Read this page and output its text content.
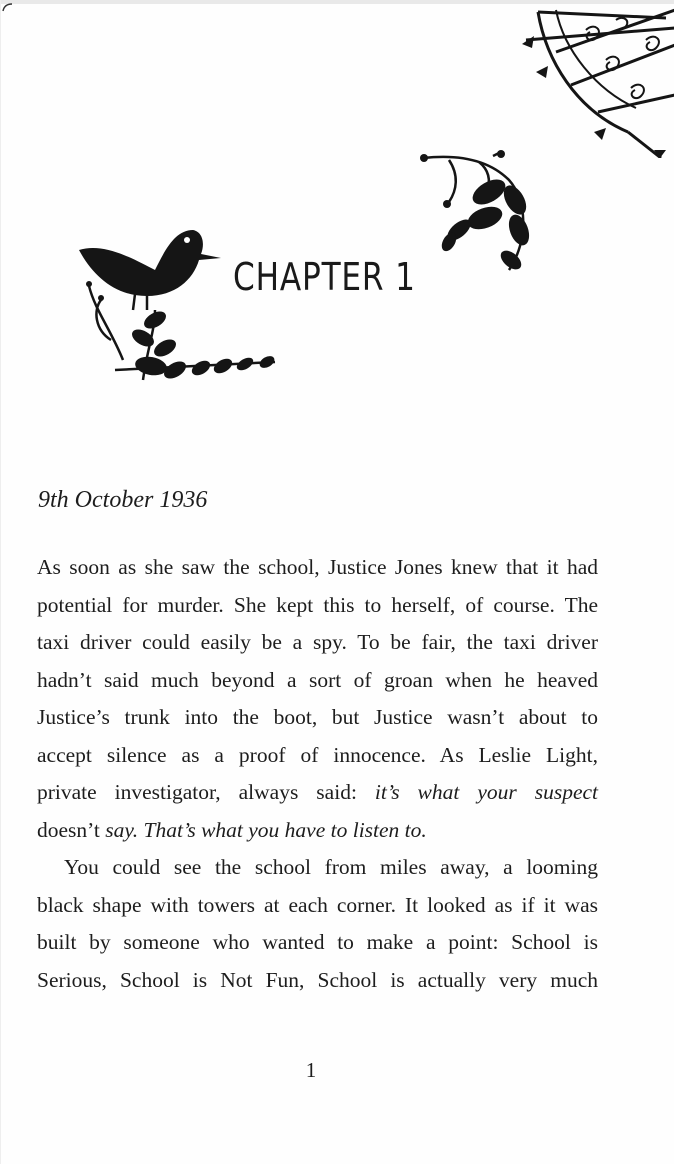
CHAPTER 1
9th October 1936
As soon as she saw the school, Justice Jones knew that it had
potential for murder. She kept this to herself, of course. The
taxi driver could easily be a spy. To be fair, the taxi driver
hadn’t said much beyond a sort of groan when he heaved
Justice’s trunk into the boot, but Justice wasn’t about to
accept silence as a proof of innocence. As Leslie Light,
private investigator, always said: it’s what your suspect
doesn’t say. That’s what you have to listen to.
You could see the school from miles away, a looming
black shape with towers at each corner. It looked as if it was
built by someone who wanted to make a point: School is
Serious, School is Not Fun, School is actually very much
1
